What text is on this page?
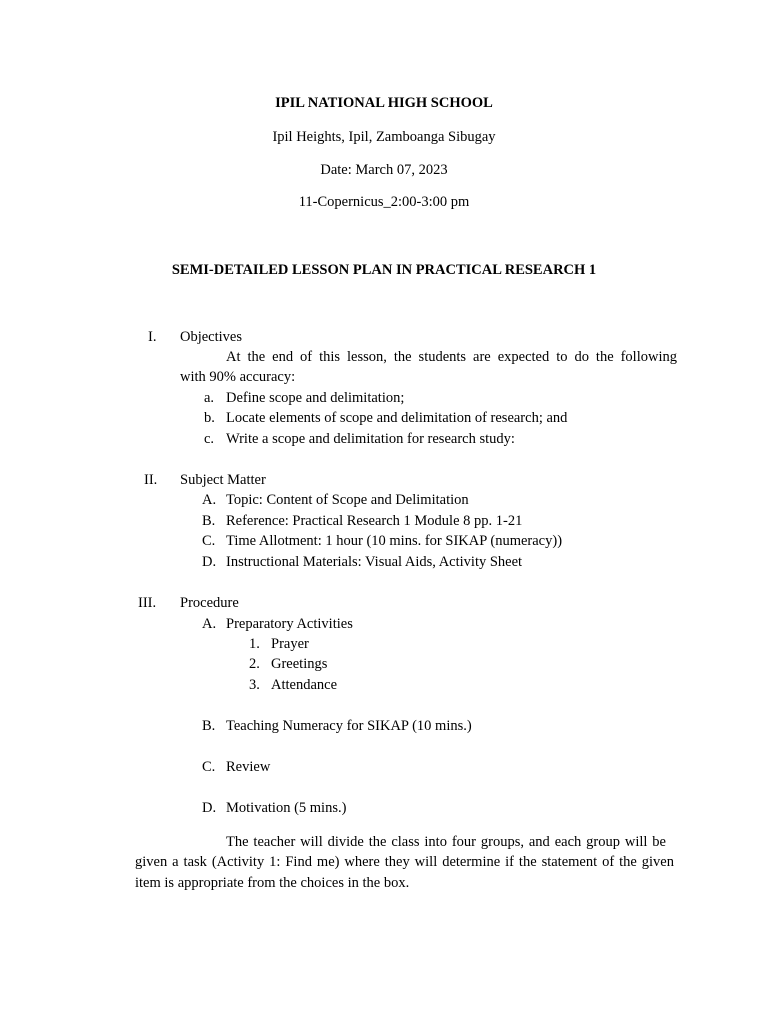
IPIL NATIONAL HIGH SCHOOL
Ipil Heights, Ipil, Zamboanga Sibugay
Date: March 07, 2023
11-Copernicus_2:00-3:00 pm
SEMI-DETAILED LESSON PLAN IN PRACTICAL RESEARCH 1
I. Objectives
At the end of this lesson, the students are expected to do the following
with 90% accuracy:
a. Define scope and delimitation;
b. Locate elements of scope and delimitation of research; and
c. Write a scope and delimitation for research study:
II. Subject Matter
A. Topic: Content of Scope and Delimitation
B. Reference: Practical Research 1 Module 8 pp. 1-21
C. Time Allotment: 1 hour (10 mins. for SIKAP (numeracy))
D. Instructional Materials: Visual Aids, Activity Sheet
III. Procedure
A. Preparatory Activities
1. Prayer
2. Greetings
3. Attendance
B. Teaching Numeracy for SIKAP (10 mins.)
C. Review
D. Motivation (5 mins.)
The teacher will divide the class into four groups, and each group will be
given a task (Activity 1: Find me) where they will determine if the statement of the given
item is appropriate from the choices in the box.
